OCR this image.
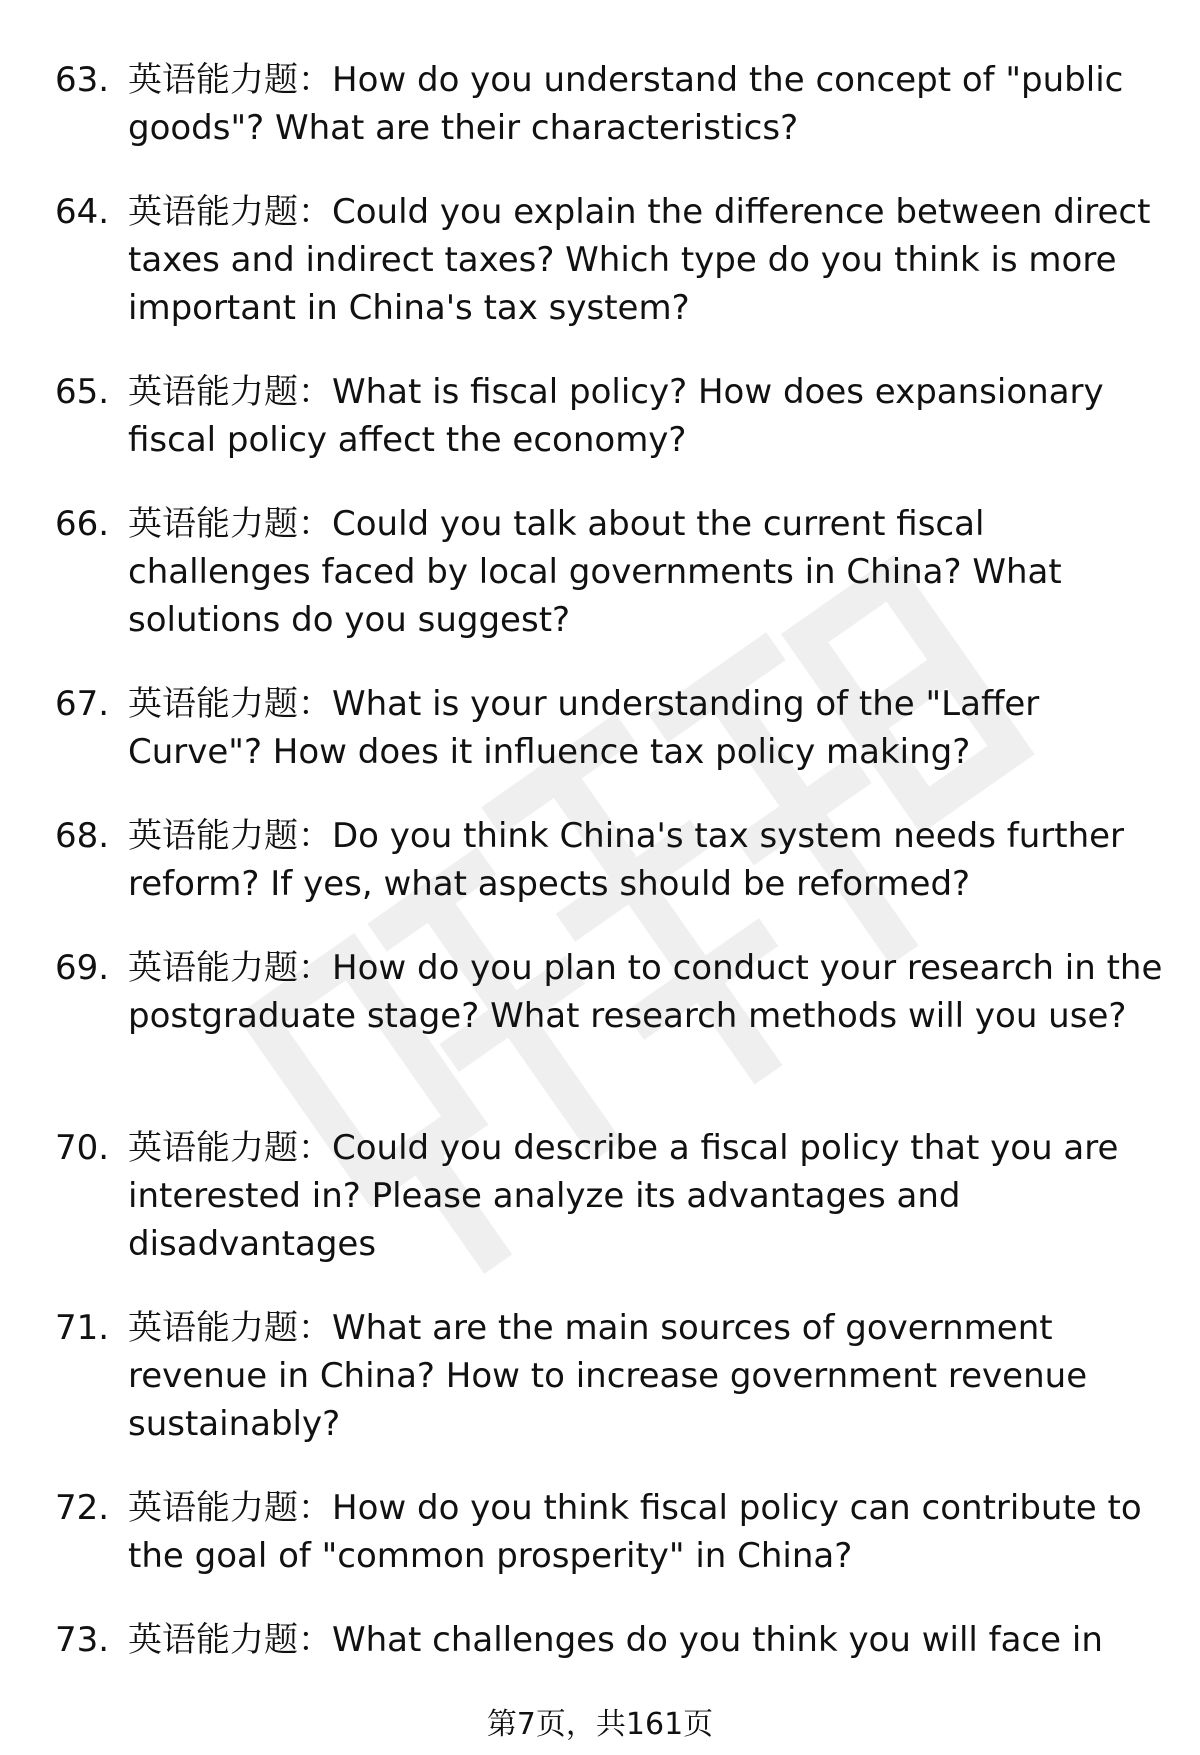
63. 英语能力题：How do you understand the concept of "public goods"? What are their characteristics?
64. 英语能力题：Could you explain the difference between direct taxes and indirect taxes? Which type do you think is more important in China's tax system?
65. 英语能力题：What is fiscal policy? How does expansionary fiscal policy affect the economy?
66. 英语能力题：Could you talk about the current fiscal challenges faced by local governments in China? What solutions do you suggest?
67. 英语能力题：What is your understanding of the "Laffer Curve"? How does it influence tax policy making?
68. 英语能力题：Do you think China's tax system needs further reform? If yes, what aspects should be reformed?
69. 英语能力题：How do you plan to conduct your research in the postgraduate stage? What research methods will you use?
70. 英语能力题：Could you describe a fiscal policy that you are interested in? Please analyze its advantages and disadvantages
71. 英语能力题：What are the main sources of government revenue in China? How to increase government revenue sustainably?
72. 英语能力题：How do you think fiscal policy can contribute to the goal of "common prosperity" in China?
73. 英语能力题：What challenges do you think you will face in
第7页，共161页
